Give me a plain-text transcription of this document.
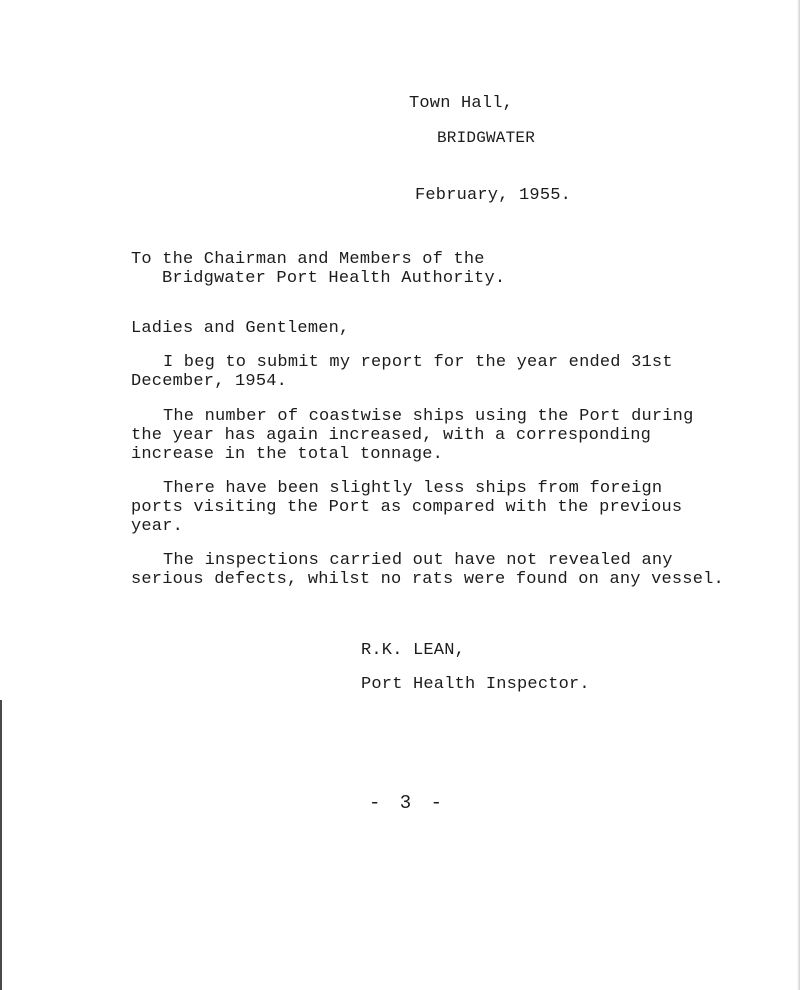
Town Hall,
BRIDGWATER
February, 1955.
To the Chairman and Members of the
Bridgwater Port Health Authority.
Ladies and Gentlemen,
I beg to submit my report for the year ended 31st
December, 1954.
The number of coastwise ships using the Port during
the year has again increased, with a corresponding
increase in the total tonnage.
There have been slightly less ships from foreign
ports visiting the Port as compared with the previous
year.
The inspections carried out have not revealed any
serious defects, whilst no rats were found on any vessel.
R.K. LEAN,
Port Health Inspector.
- 3 -
